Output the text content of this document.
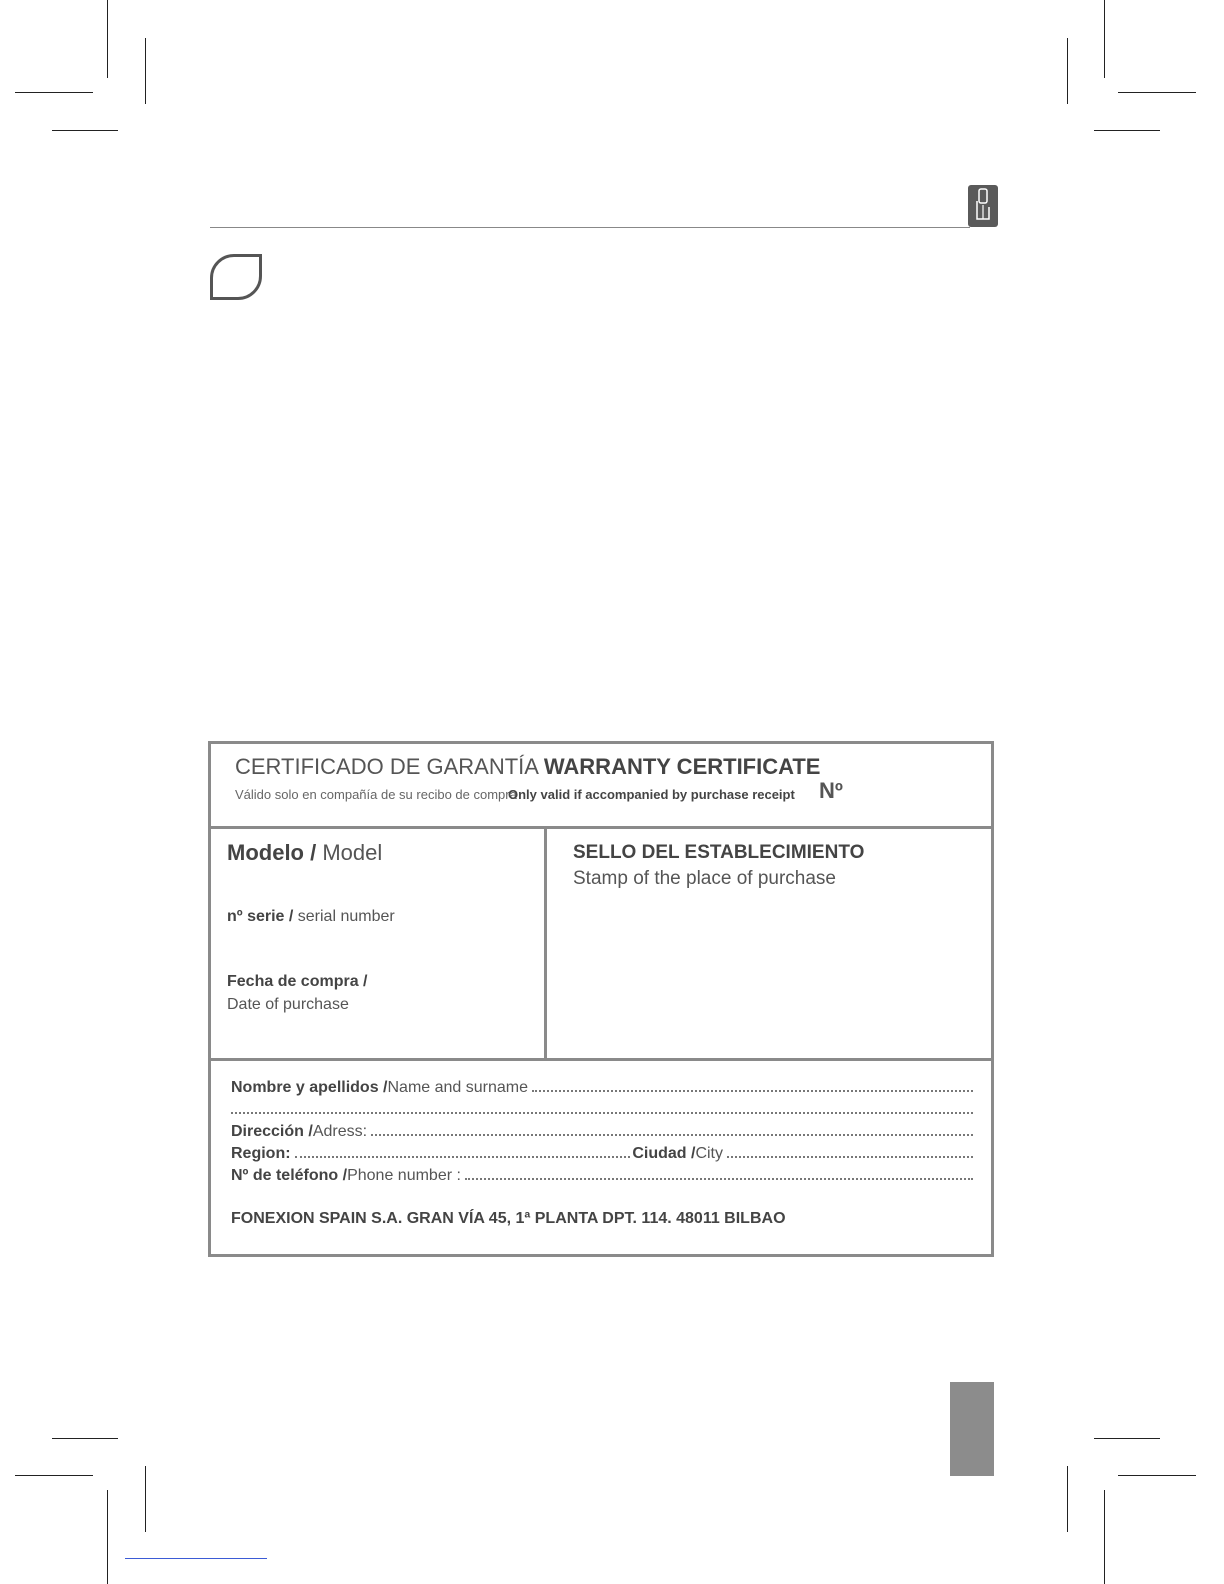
CERTIFICADO DE GARANTÍA WARRANTY CERTIFICATE
Válido solo en compañía de su recibo de compra
Only valid if accompanied by purchase receipt Nº
Modelo / Model
nº serie / serial number
Fecha de compra /
Date of purchase
SELLO DEL ESTABLECIMIENTO
Stamp of the place of purchase
Nombre y apellidos / Name and surname
Dirección / Adress:
Region:	Ciudad / City
Nº de teléfono / Phone number :
FONEXION SPAIN S.A. GRAN VÍA 45, 1ª PLANTA DPT. 114. 48011 BILBAO
